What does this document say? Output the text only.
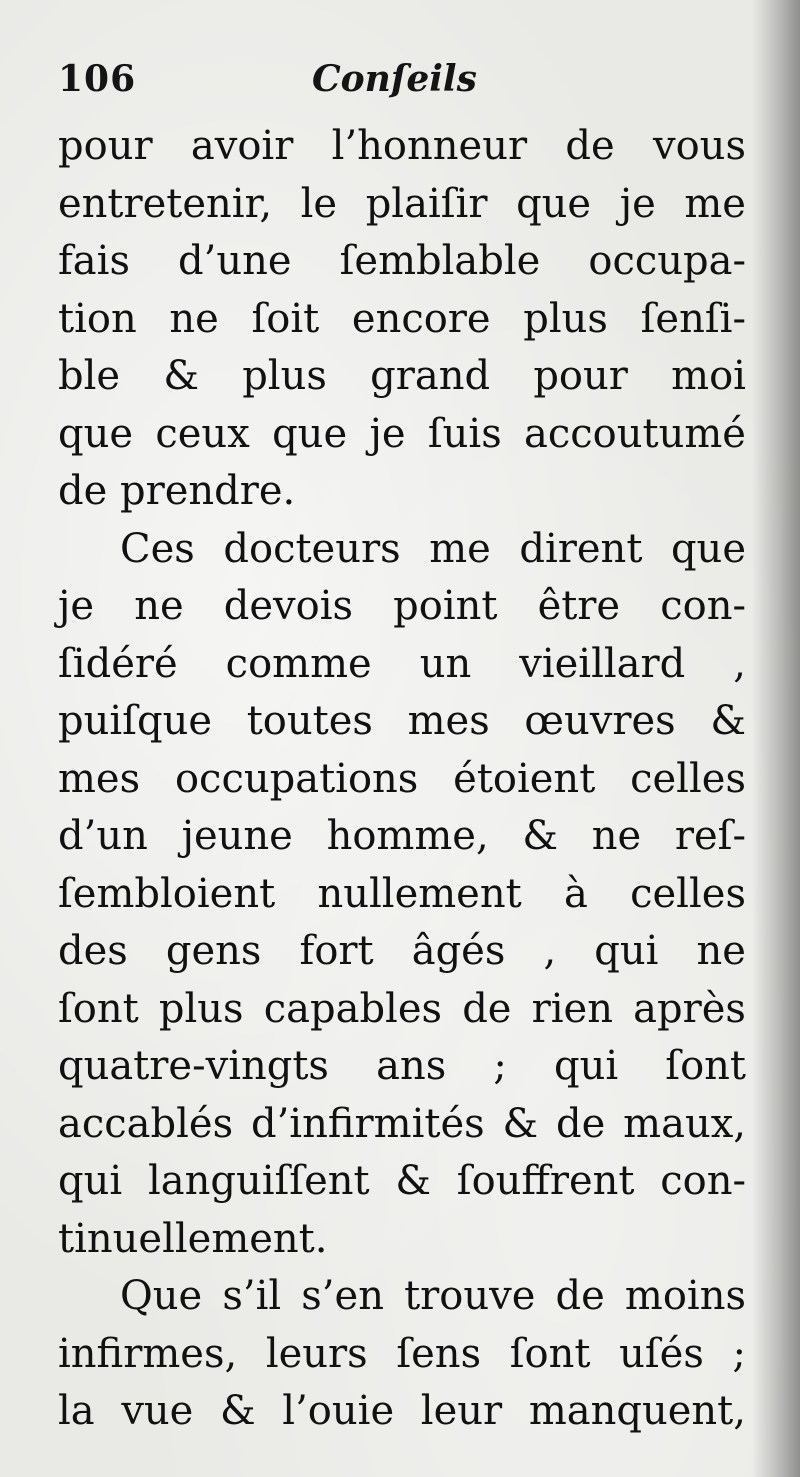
106	Conſeils
pour avoir l’honneur de vous
entretenir, le plaiſir que je me
fais d’une ſemblable occupa-
tion ne ſoit encore plus ſenſi-
ble & plus grand pour moi
que ceux que je ſuis accoutumé
de prendre.
Ces docteurs me dirent que
je ne devois point être con-
ſidéré comme un vieillard ,
puiſque toutes mes œuvres &
mes occupations étoient celles
d’un jeune homme, & ne reſ-
ſembloient nullement à celles
des gens fort âgés , qui ne
ſont plus capables de rien après
quatre-vingts ans ; qui ſont
accablés d’infirmités & de maux,
qui languiſſent & ſouffrent con-
tinuellement.
Que s’il s’en trouve de moins
infirmes, leurs ſens ſont uſés ;
la vue & l’ouie leur manquent,
